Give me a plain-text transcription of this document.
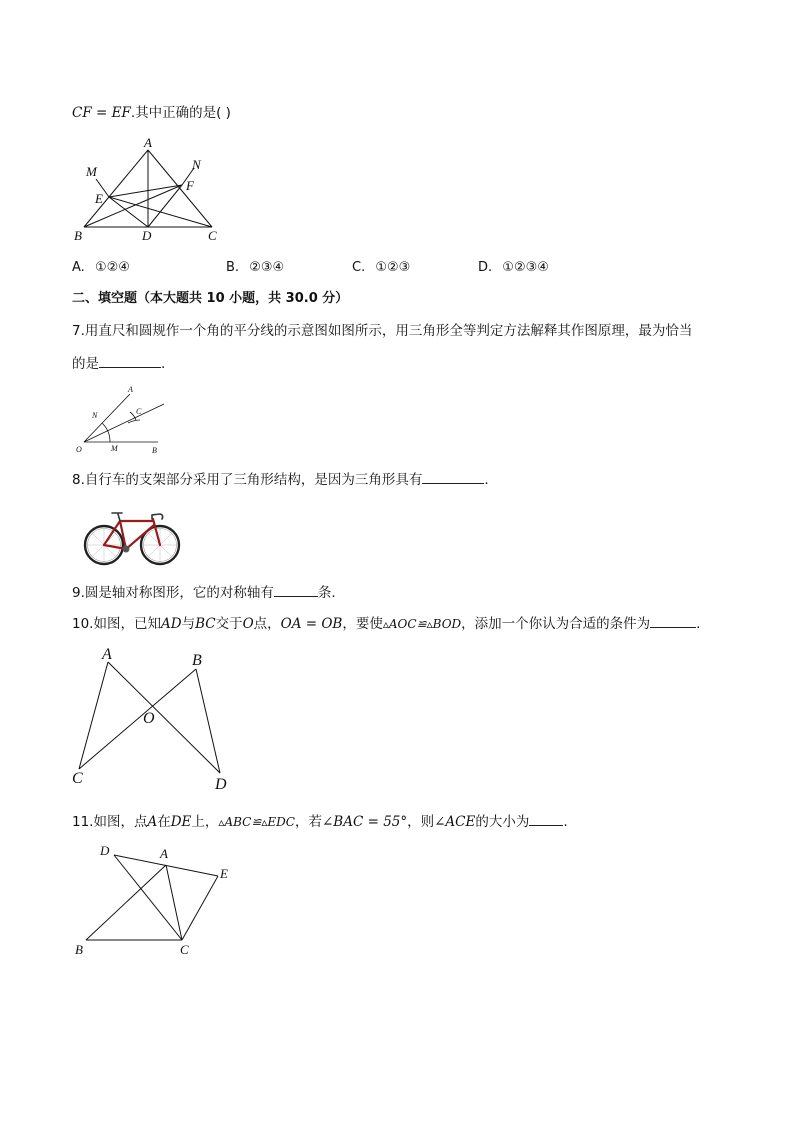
CF = EF.其中正确的是( )
A
M	N
E
F
B	D	C
A. ①②④	B. ②③④	C. ①②③	D. ①②③④
二、填空题（本大题共 10 小题，共 30.0 分）
7.用直尺和圆规作一个角的平分线的示意图如图所示，用三角形全等判定方法解释其作图原理，最为恰当
的是	.
A
N	C
O	M	B
8.自行车的支架部分采用了三角形结构，是因为三角形具有	.
9.圆是轴对称图形，它的对称轴有	条.
10.如图，已知AD与BC交于O点，OA = OB，要使▵AOC≌▵BOD，添加一个你认为合适的条件为	.
A	B
O
C	D
11.如图，点A在DE上，▵ABC≌▵EDC，若∠BAC = 55°，则∠ACE的大小为	.
D	A
E
B	C
